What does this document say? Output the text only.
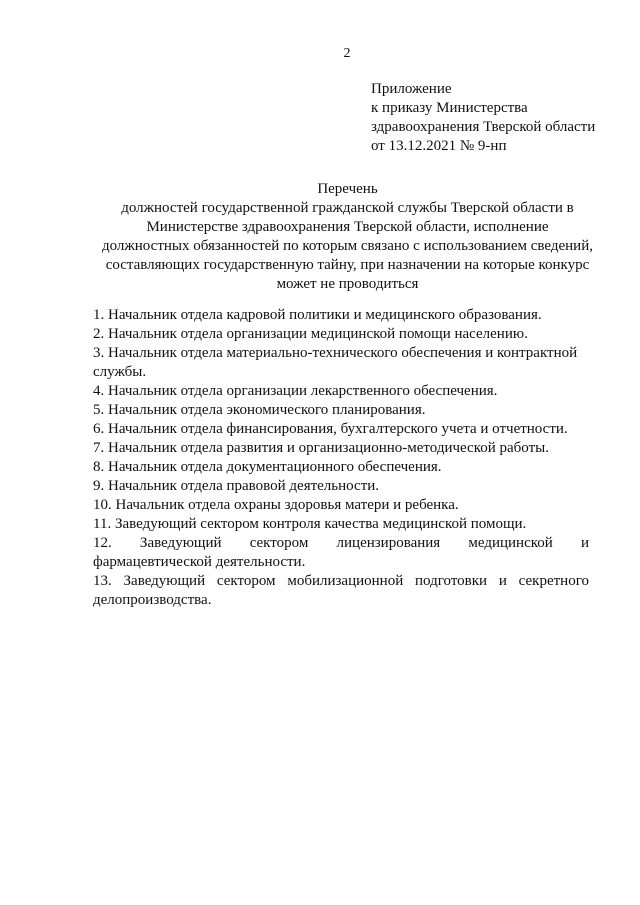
2
Приложение
к приказу Министерства
здравоохранения Тверской области
от 13.12.2021 № 9-нп
Перечень
должностей государственной гражданской службы Тверской области в
Министерстве здравоохранения Тверской области, исполнение
должностных обязанностей по которым связано с использованием сведений,
составляющих государственную тайну, при назначении на которые конкурс
может не проводиться
1. Начальник отдела кадровой политики и медицинского образования.
2. Начальник отдела организации медицинской помощи населению.
3. Начальник отдела материально-технического обеспечения и контрактной службы.
4. Начальник отдела организации лекарственного обеспечения.
5. Начальник отдела экономического планирования.
6. Начальник отдела финансирования, бухгалтерского учета и отчетности.
7. Начальник отдела развития и организационно-методической работы.
8. Начальник отдела документационного обеспечения.
9. Начальник отдела правовой деятельности.
10. Начальник отдела охраны здоровья матери и ребенка.
11. Заведующий сектором контроля качества медицинской помощи.
12. Заведующий сектором лицензирования медицинской и фармацевтической деятельности.
13. Заведующий сектором мобилизационной подготовки и секретного делопроизводства.
